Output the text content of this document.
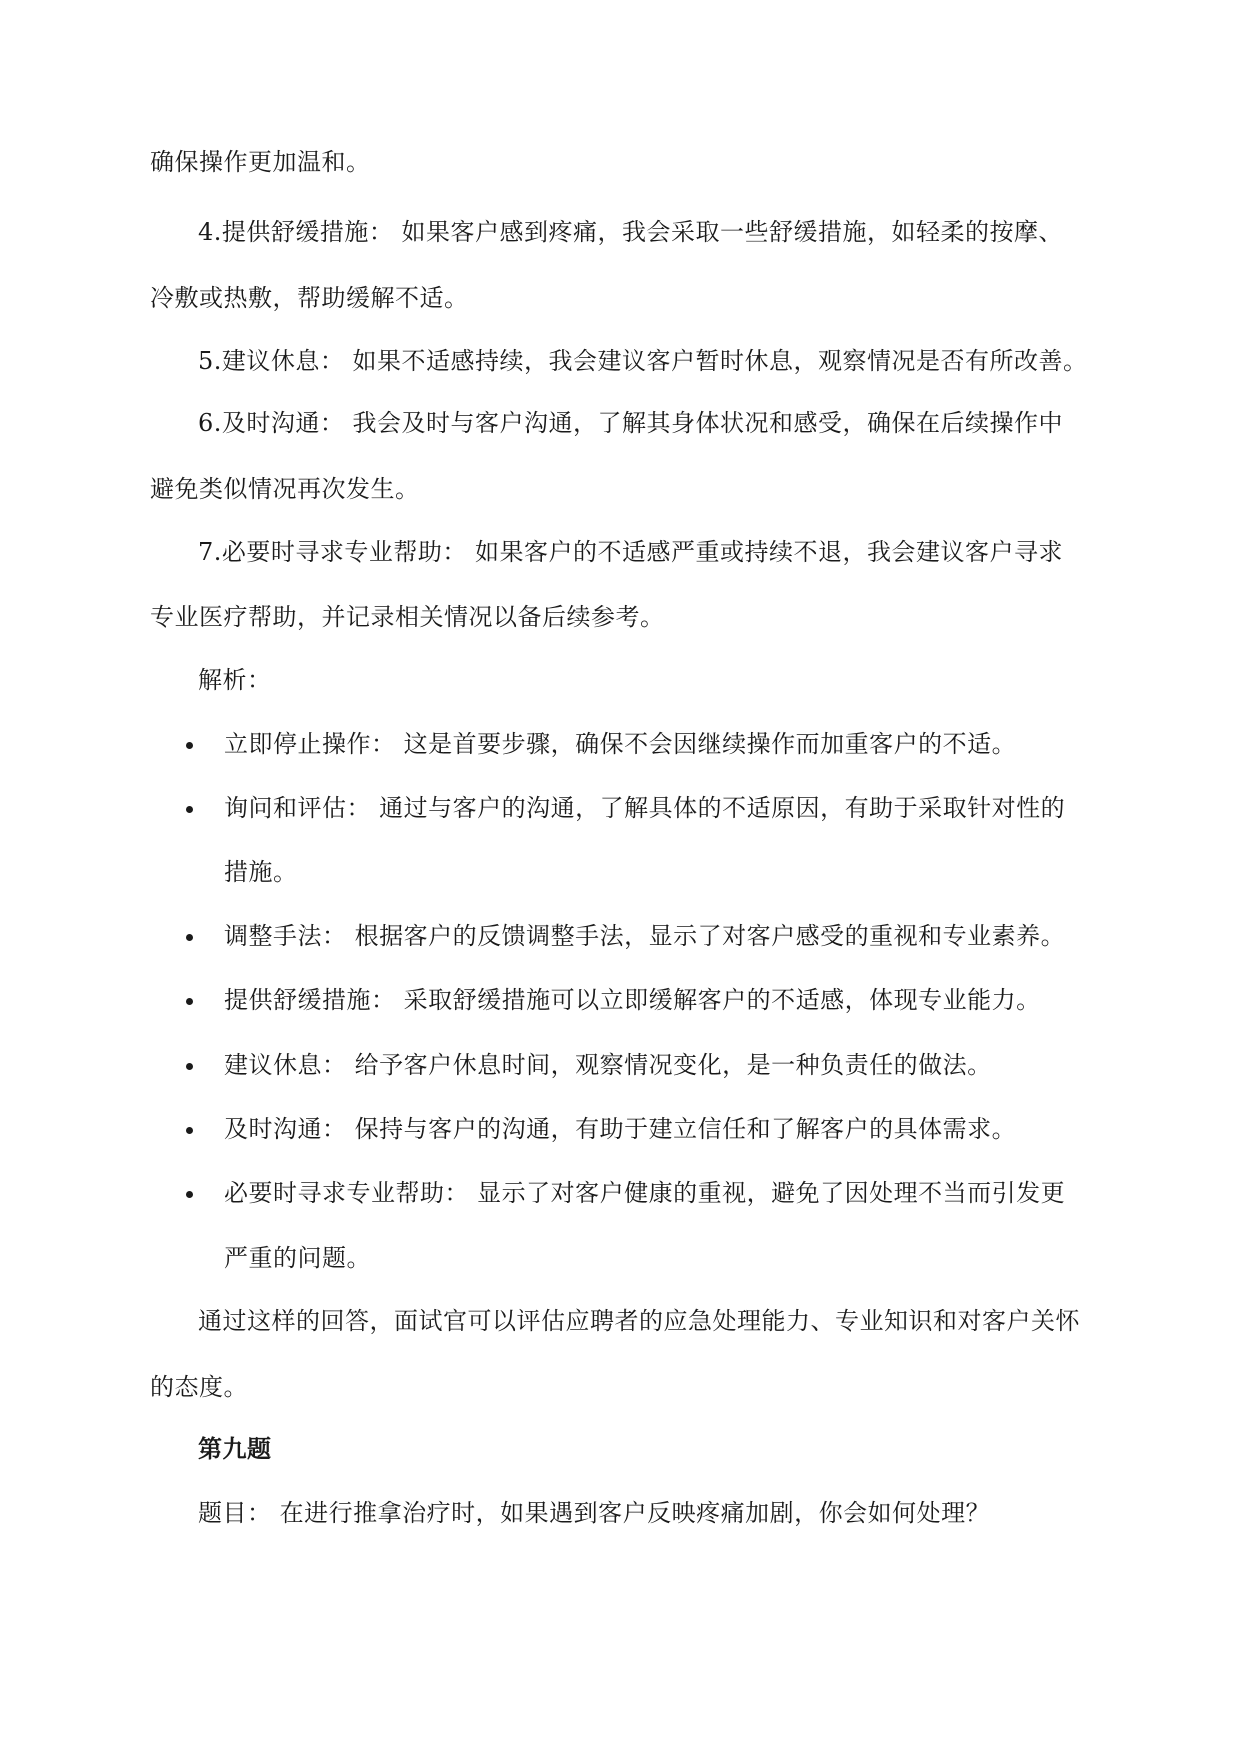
确保操作更加温和。
4.提供舒缓措施： 如果客户感到疼痛，我会采取一些舒缓措施，如轻柔的按摩、
冷敷或热敷，帮助缓解不适。
5.建议休息： 如果不适感持续，我会建议客户暂时休息，观察情况是否有所改善。
6.及时沟通： 我会及时与客户沟通，了解其身体状况和感受，确保在后续操作中
避免类似情况再次发生。
7.必要时寻求专业帮助： 如果客户的不适感严重或持续不退，我会建议客户寻求
专业医疗帮助，并记录相关情况以备后续参考。
解析：
立即停止操作： 这是首要步骤，确保不会因继续操作而加重客户的不适。
询问和评估： 通过与客户的沟通，了解具体的不适原因，有助于采取针对性的
措施。
调整手法： 根据客户的反馈调整手法，显示了对客户感受的重视和专业素养。
提供舒缓措施： 采取舒缓措施可以立即缓解客户的不适感，体现专业能力。
建议休息： 给予客户休息时间，观察情况变化，是一种负责任的做法。
及时沟通： 保持与客户的沟通，有助于建立信任和了解客户的具体需求。
必要时寻求专业帮助： 显示了对客户健康的重视，避免了因处理不当而引发更
严重的问题。
通过这样的回答，面试官可以评估应聘者的应急处理能力、专业知识和对客户关怀
的态度。
第九题
题目： 在进行推拿治疗时，如果遇到客户反映疼痛加剧，你会如何处理？
